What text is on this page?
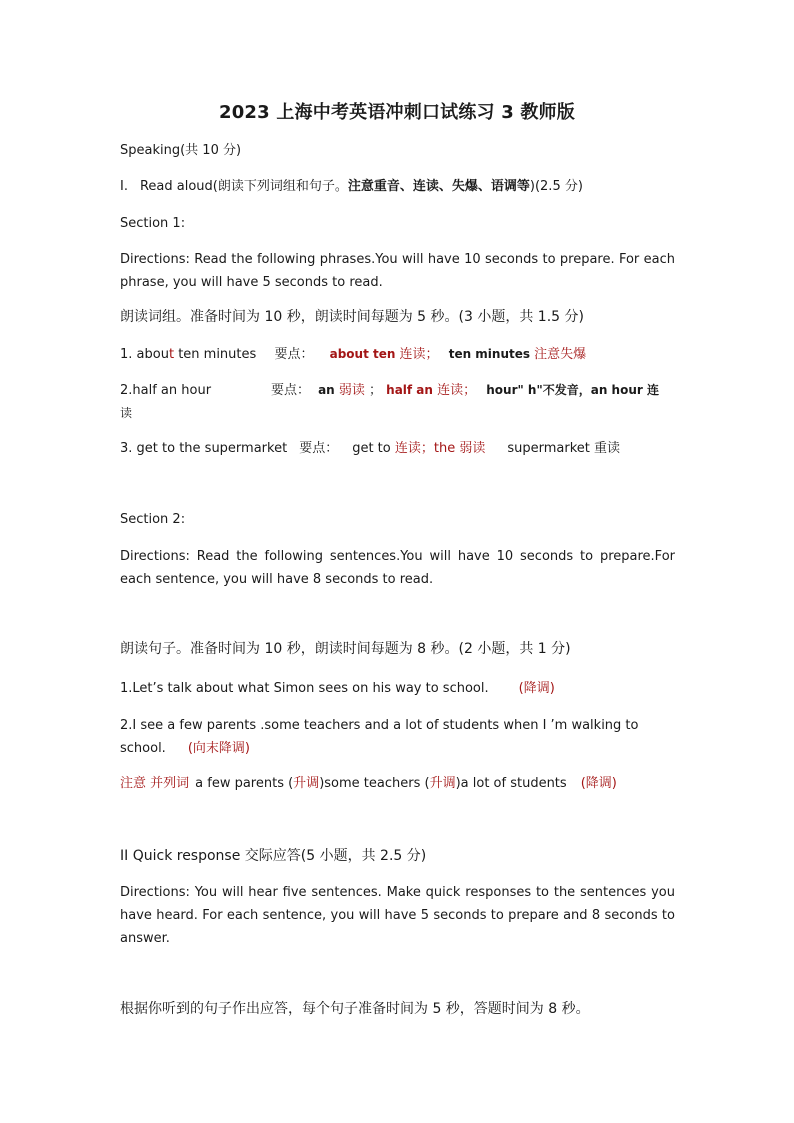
2023 上海中考英语冲刺口试练习 3 教师版
Speaking(共 10 分)
I. Read aloud(朗读下列词组和句子。注意重音、连读、失爆、语调等)(2.5 分)
Section 1:
Directions: Read the following phrases.You will have 10 seconds to prepare. For each phrase, you will have 5 seconds to read.
朗读词组。准备时间为 10 秒，朗读时间每题为 5 秒。(3 小题，共 1.5 分)
1. about ten minutes 要点： about ten 连读； ten minutes 注意失爆
2.half an hour	要点： an 弱读 ； half an 连读； hour" h"不发音，an hour 连
读
3. get to the supermarket 要点： get to 连读；the 弱读 supermarket 重读
Section 2:
Directions: Read the following sentences.You will have 10 seconds to prepare.For each sentence, you will have 8 seconds to read.
朗读句子。准备时间为 10 秒，朗读时间每题为 8 秒。(2 小题，共 1 分)
1.Let’s talk about what Simon sees on his way to school. (降调)
2.I see a few parents .some teachers and a lot of students when I ’m walking to school. (向末降调)
注意 并列词 a few parents (升调)some teachers (升调)a lot of students (降调)
II Quick response 交际应答(5 小题，共 2.5 分)
Directions: You will hear five sentences. Make quick responses to the sentences you have heard. For each sentence, you will have 5 seconds to prepare and 8 seconds to answer.
根据你听到的句子作出应答，每个句子准备时间为 5 秒，答题时间为 8 秒。
